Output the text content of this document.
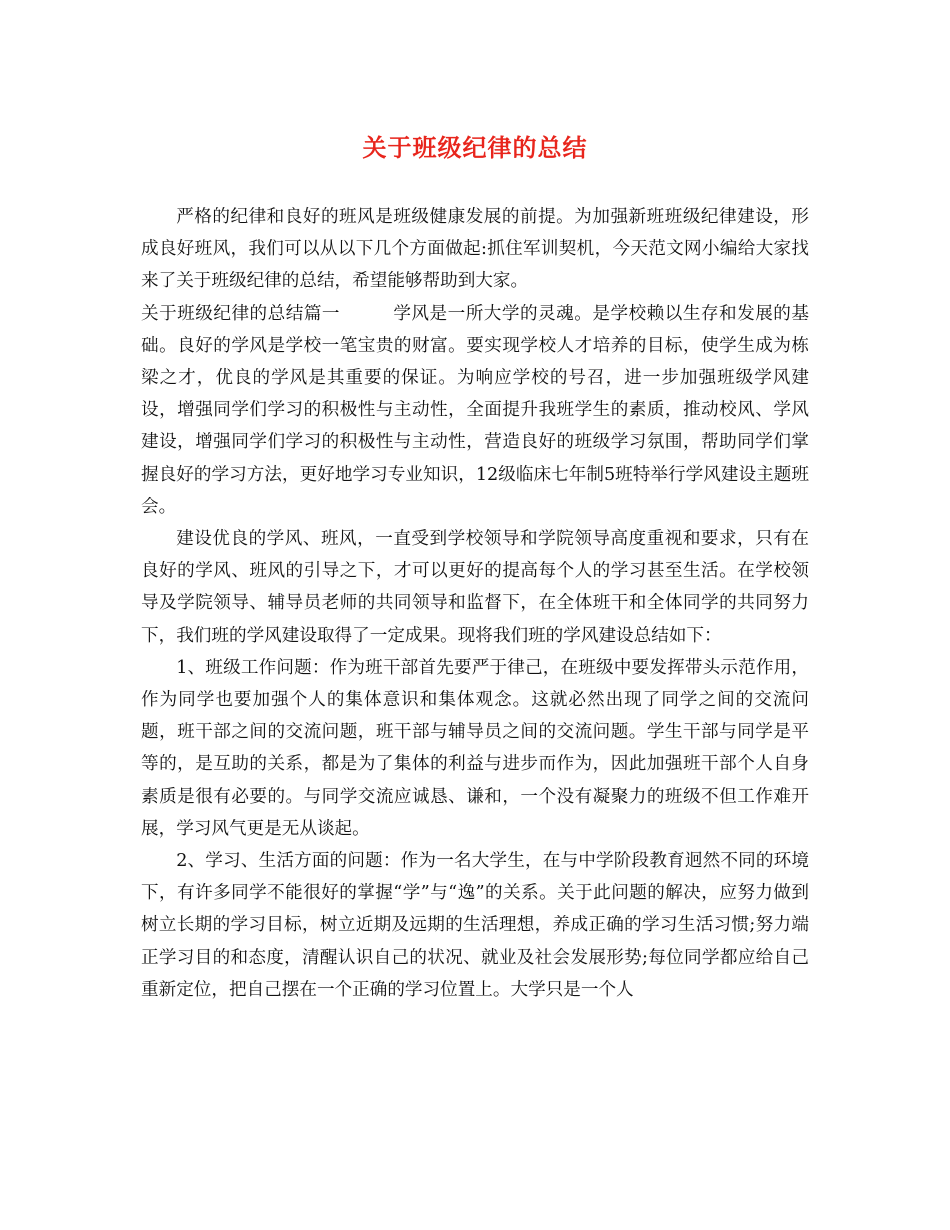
关于班级纪律的总结

严格的纪律和良好的班风是班级健康发展的前提。为加强新班班级纪律建设，形成良好班风，我们可以从以下几个方面做起:抓住军训契机，今天范文网小编给大家找来了关于班级纪律的总结，希望能够帮助到大家。

关于班级纪律的总结篇一	学风是一所大学的灵魂。是学校赖以生存和发展的基础。良好的学风是学校一笔宝贵的财富。要实现学校人才培养的目标，使学生成为栋梁之才，优良的学风是其重要的保证。为响应学校的号召，进一步加强班级学风建设，增强同学们学习的积极性与主动性，全面提升我班学生的素质，推动校风、学风建设，增强同学们学习的积极性与主动性，营造良好的班级学习氛围，帮助同学们掌握良好的学习方法，更好地学习专业知识，12级临床七年制5班特举行学风建设主题班会。

建设优良的学风、班风，一直受到学校领导和学院领导高度重视和要求，只有在良好的学风、班风的引导之下，才可以更好的提高每个人的学习甚至生活。在学校领导及学院领导、辅导员老师的共同领导和监督下，在全体班干和全体同学的共同努力下，我们班的学风建设取得了一定成果。现将我们班的学风建设总结如下：

1、班级工作问题：作为班干部首先要严于律己，在班级中要发挥带头示范作用，作为同学也要加强个人的集体意识和集体观念。这就必然出现了同学之间的交流问题，班干部之间的交流问题，班干部与辅导员之间的交流问题。学生干部与同学是平等的，是互助的关系，都是为了集体的利益与进步而作为，因此加强班干部个人自身素质是很有必要的。与同学交流应诚恳、谦和，一个没有凝聚力的班级不但工作难开展，学习风气更是无从谈起。

2、学习、生活方面的问题：作为一名大学生，在与中学阶段教育迥然不同的环境下，有许多同学不能很好的掌握“学”与“逸”的关系。关于此问题的解决，应努力做到树立长期的学习目标，树立近期及远期的生活理想，养成正确的学习生活习惯;努力端正学习目的和态度，清醒认识自己的状况、就业及社会发展形势;每位同学都应给自己重新定位，把自己摆在一个正确的学习位置上。大学只是一个人
